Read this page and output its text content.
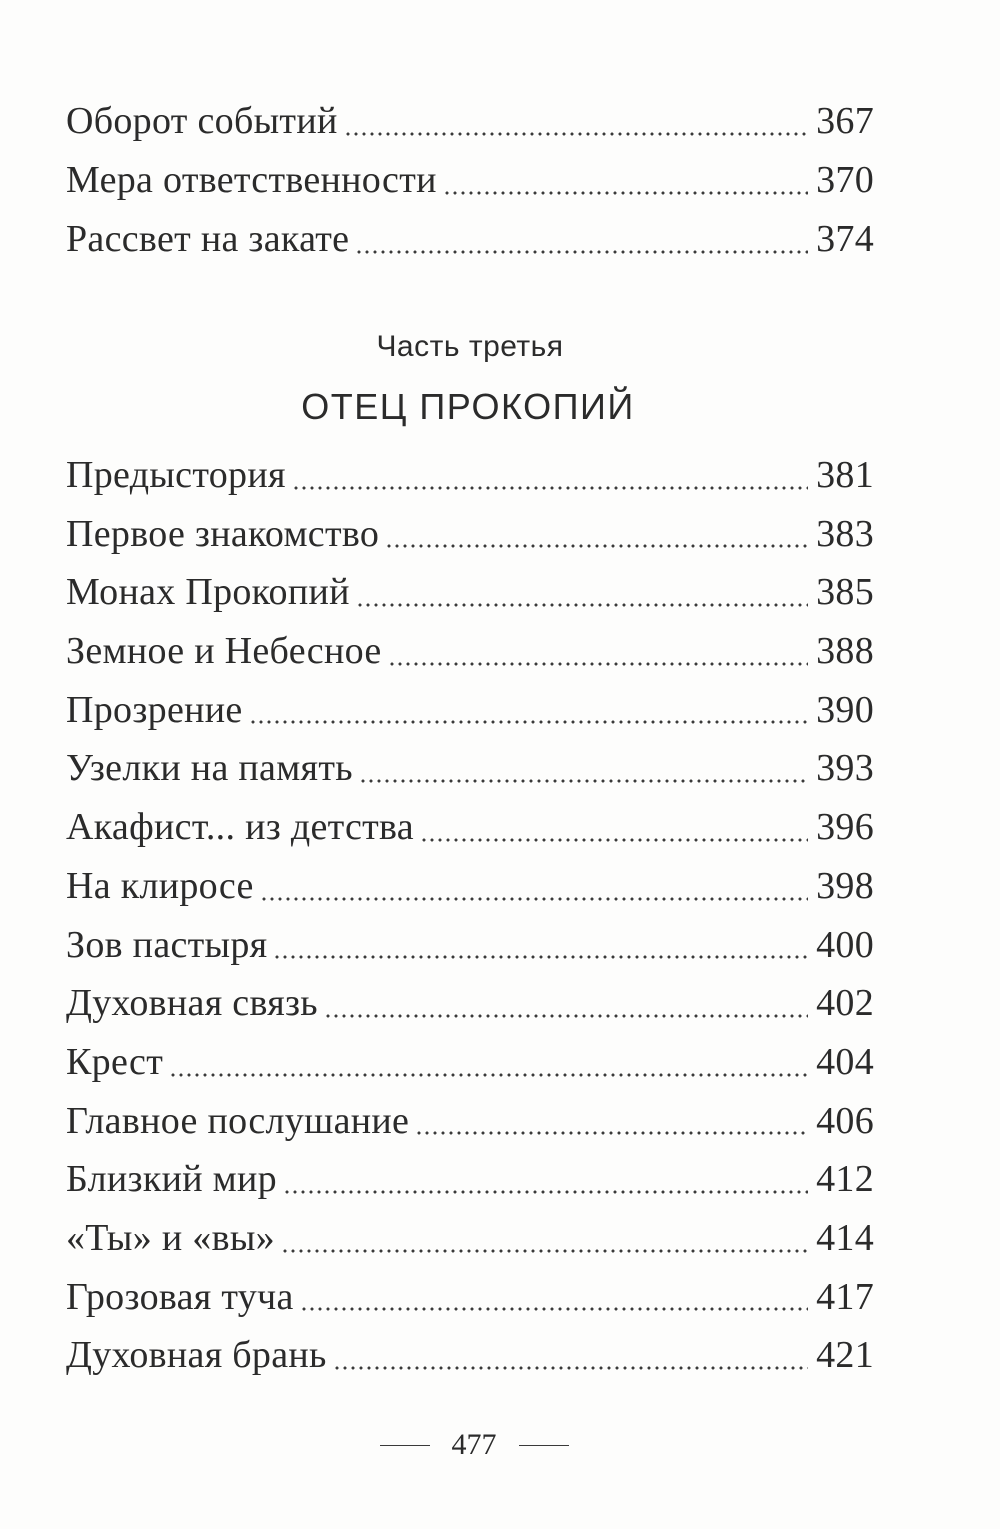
Оборот событий	367
Мера ответственности	370
Рассвет на закате	374
Часть третья
ОТЕЦ ПРОКОПИЙ
Предыстория	381
Первое знакомство	383
Монах Прокопий	385
Земное и Небесное	388
Прозрение	390
Узелки на память	393
Акафист... из детства	396
На клиросе	398
Зов пастыря	400
Духовная связь	402
Крест	404
Главное послушание	406
Близкий мир	412
«Ты» и «вы»	414
Грозовая туча	417
Духовная брань	421
477
